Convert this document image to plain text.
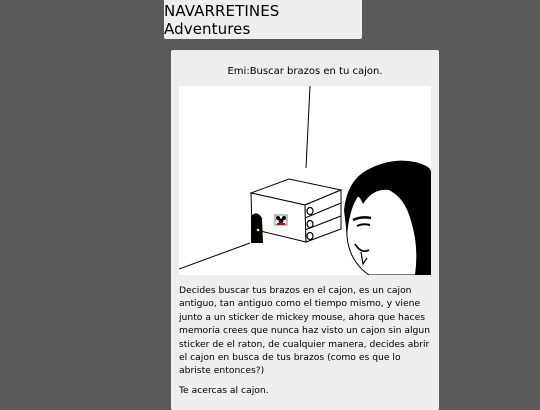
NAVARRETINES Adventures
Emi:Buscar brazos en tu cajon.

Decides buscar tus brazos en el cajon, es un cajon antiguo, tan antiguo como el tiempo mismo, y viene junto a un sticker de mickey mouse, ahora que haces memoria crees que nunca haz visto un cajon sin algun sticker de el raton, de cualquier manera, decides abrir el cajon en busca de tus brazos (como es que lo abriste entonces?)

Te acercas al cajon.
